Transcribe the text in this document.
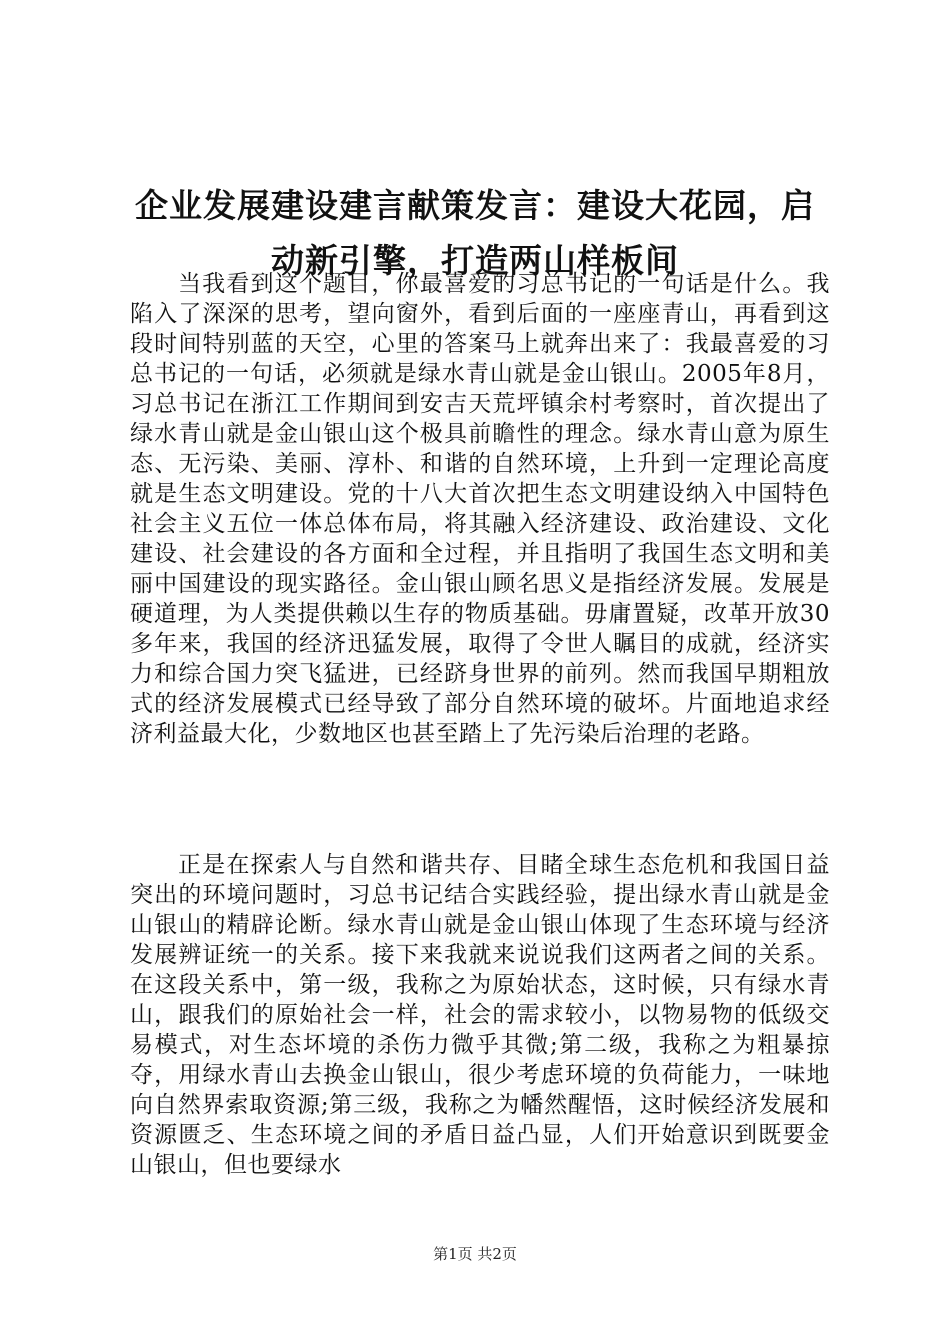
企业发展建设建言献策发言：建设大花园，启
动新引擎，打造两山样板间

当我看到这个题目，你最喜爱的习总书记的一句话是什么。我陷入了深深的思考，望向窗外，看到后面的一座座青山，再看到这段时间特别蓝的天空，心里的答案马上就奔出来了：我最喜爱的习总书记的一句话，必须就是绿水青山就是金山银山。2005年8月，习总书记在浙江工作期间到安吉天荒坪镇余村考察时，首次提出了绿水青山就是金山银山这个极具前瞻性的理念。绿水青山意为原生态、无污染、美丽、淳朴、和谐的自然环境，上升到一定理论高度就是生态文明建设。党的十八大首次把生态文明建设纳入中国特色社会主义五位一体总体布局，将其融入经济建设、政治建设、文化建设、社会建设的各方面和全过程，并且指明了我国生态文明和美丽中国建设的现实路径。金山银山顾名思义是指经济发展。发展是硬道理，为人类提供赖以生存的物质基础。毋庸置疑，改革开放30多年来，我国的经济迅猛发展，取得了令世人瞩目的成就，经济实力和综合国力突飞猛进，已经跻身世界的前列。然而我国早期粗放式的经济发展模式已经导致了部分自然环境的破坏。片面地追求经济利益最大化，少数地区也甚至踏上了先污染后治理的老路。

正是在探索人与自然和谐共存、目睹全球生态危机和我国日益突出的环境问题时，习总书记结合实践经验，提出绿水青山就是金山银山的精辟论断。绿水青山就是金山银山体现了生态环境与经济发展辨证统一的关系。接下来我就来说说我们这两者之间的关系。在这段关系中，第一级，我称之为原始状态，这时候，只有绿水青山，跟我们的原始社会一样，社会的需求较小，以物易物的低级交易模式，对生态坏境的杀伤力微乎其微;第二级，我称之为粗暴掠夺，用绿水青山去换金山银山，很少考虑环境的负荷能力，一味地向自然界索取资源;第三级，我称之为幡然醒悟，这时候经济发展和资源匮乏、生态环境之间的矛盾日益凸显，人们开始意识到既要金山银山，但也要绿水

第1页 共2页
